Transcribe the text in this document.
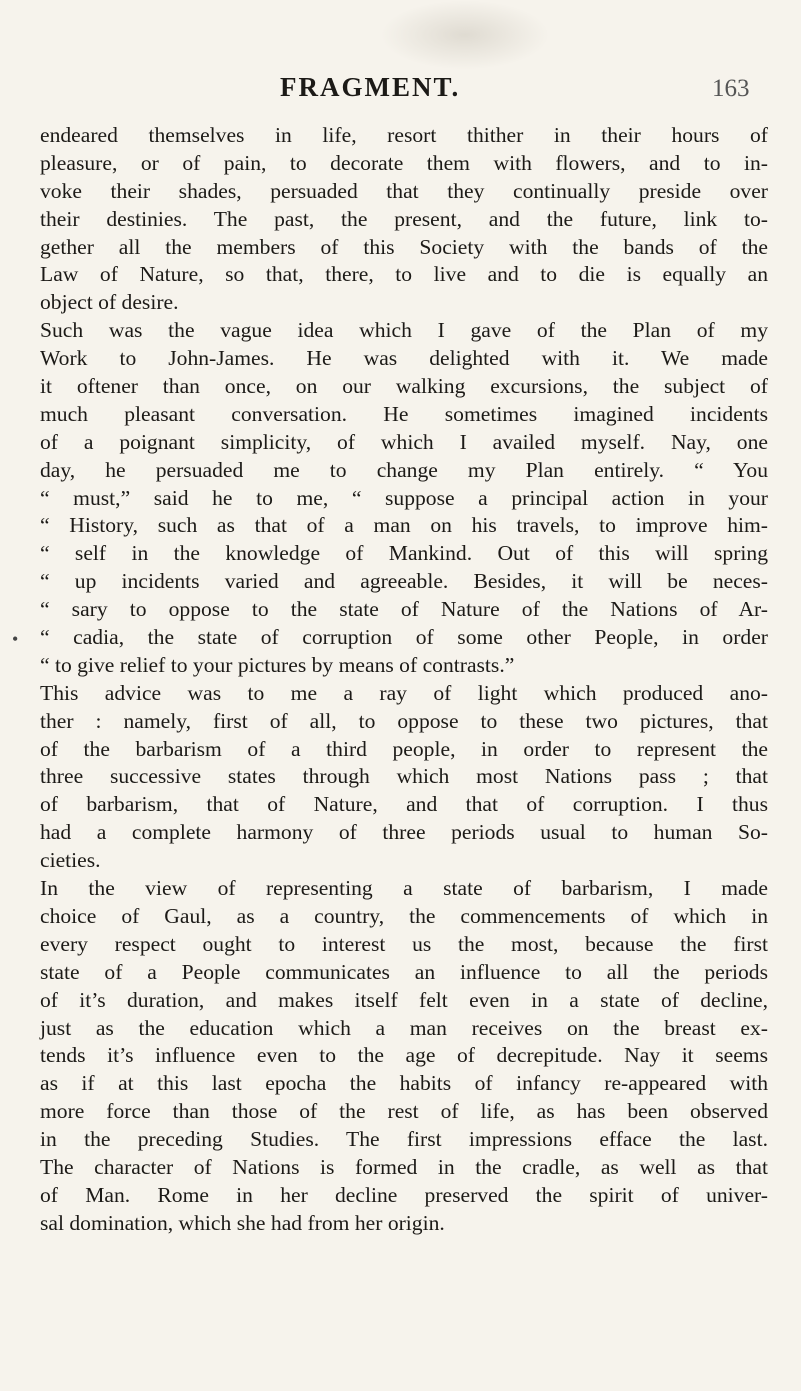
FRAGMENT.	163
endeared themselves in life, resort thither in their hours of
pleasure, or of pain, to decorate them with flowers, and to in-
voke their shades, persuaded that they continually preside over
their destinies. The past, the present, and the future, link to-
gether all the members of this Society with the bands of the
Law of Nature, so that, there, to live and to die is equally an
object of desire.
Such was the vague idea which I gave of the Plan of my
Work to John-James. He was delighted with it. We made
it oftener than once, on our walking excursions, the subject of
much pleasant conversation. He sometimes imagined incidents
of a poignant simplicity, of which I availed myself. Nay, one
day, he persuaded me to change my Plan entirely. “ You
“ must,” said he to me, “ suppose a principal action in your
“ History, such as that of a man on his travels, to improve him-
“ self in the knowledge of Mankind. Out of this will spring
“ up incidents varied and agreeable. Besides, it will be neces-
“ sary to oppose to the state of Nature of the Nations of Ar-
“ cadia, the state of corruption of some other People, in order
“ to give relief to your pictures by means of contrasts.”
This advice was to me a ray of light which produced ano-
ther : namely, first of all, to oppose to these two pictures, that
of the barbarism of a third people, in order to represent the
three successive states through which most Nations pass ; that
of barbarism, that of Nature, and that of corruption. I thus
had a complete harmony of three periods usual to human So-
cieties.
In the view of representing a state of barbarism, I made
choice of Gaul, as a country, the commencements of which in
every respect ought to interest us the most, because the first
state of a People communicates an influence to all the periods
of it’s duration, and makes itself felt even in a state of decline,
just as the education which a man receives on the breast ex-
tends it’s influence even to the age of decrepitude. Nay it seems
as if at this last epocha the habits of infancy re-appeared with
more force than those of the rest of life, as has been observed
in the preceding Studies. The first impressions efface the last.
The character of Nations is formed in the cradle, as well as that
of Man. Rome in her decline preserved the spirit of univer-
sal domination, which she had from her origin.
•
